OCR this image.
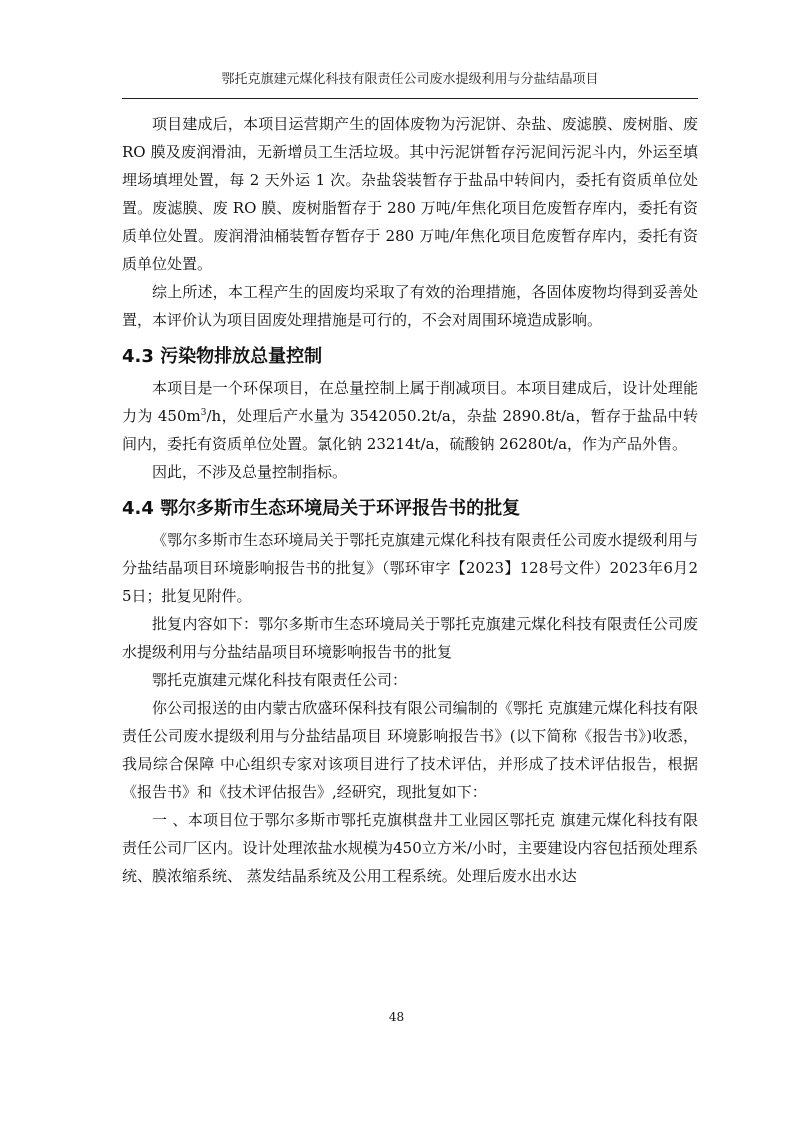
鄂托克旗建元煤化科技有限责任公司废水提级利用与分盐结晶项目

项目建成后，本项目运营期产生的固体废物为污泥饼、杂盐、废滤膜、废树脂、废 RO 膜及废润滑油，无新增员工生活垃圾。其中污泥饼暂存污泥间污泥斗内，外运至填埋场填埋处置，每 2 天外运 1 次。杂盐袋装暂存于盐品中转间内，委托有资质单位处置。废滤膜、废 RO 膜、废树脂暂存于 280 万吨/年焦化项目危废暂存库内，委托有资质单位处置。废润滑油桶装暂存暂存于 280 万吨/年焦化项目危废暂存库内，委托有资质单位处置。

综上所述，本工程产生的固废均采取了有效的治理措施，各固体废物均得到妥善处置，本评价认为项目固废处理措施是可行的，不会对周围环境造成影响。

4.3 污染物排放总量控制

本项目是一个环保项目，在总量控制上属于削减项目。本项目建成后，设计处理能力为 $450m^3/h$，处理后产水量为 3542050.2t/a，杂盐 2890.8t/a，暂存于盐品中转间内，委托有资质单位处置。氯化钠 23214t/a，硫酸钠 26280t/a，作为产品外售。

因此，不涉及总量控制指标。

4.4 鄂尔多斯市生态环境局关于环评报告书的批复

《鄂尔多斯市生态环境局关于鄂托克旗建元煤化科技有限责任公司废水提级利用与分盐结晶项目环境影响报告书的批复》（鄂环审字【2023】128号文件）2023年6月25日；批复见附件。

批复内容如下：鄂尔多斯市生态环境局关于鄂托克旗建元煤化科技有限责任公司废水提级利用与分盐结晶项目环境影响报告书的批复

鄂托克旗建元煤化科技有限责任公司：

你公司报送的由内蒙古欣盛环保科技有限公司编制的《鄂托 克旗建元煤化科技有限责任公司废水提级利用与分盐结晶项目 环境影响报告书》(以下简称《报告书》)收悉，我局综合保障 中心组织专家对该项目进行了技术评估，并形成了技术评估报告，根据《报告书》和《技术评估报告》,经研究，现批复如下：

一 、本项目位于鄂尔多斯市鄂托克旗棋盘井工业园区鄂托克 旗建元煤化科技有限责任公司厂区内。设计处理浓盐水规模为450立方米/小时，主要建设内容包括预处理系统、膜浓缩系统、 蒸发结晶系统及公用工程系统。处理后废水出水达

48
